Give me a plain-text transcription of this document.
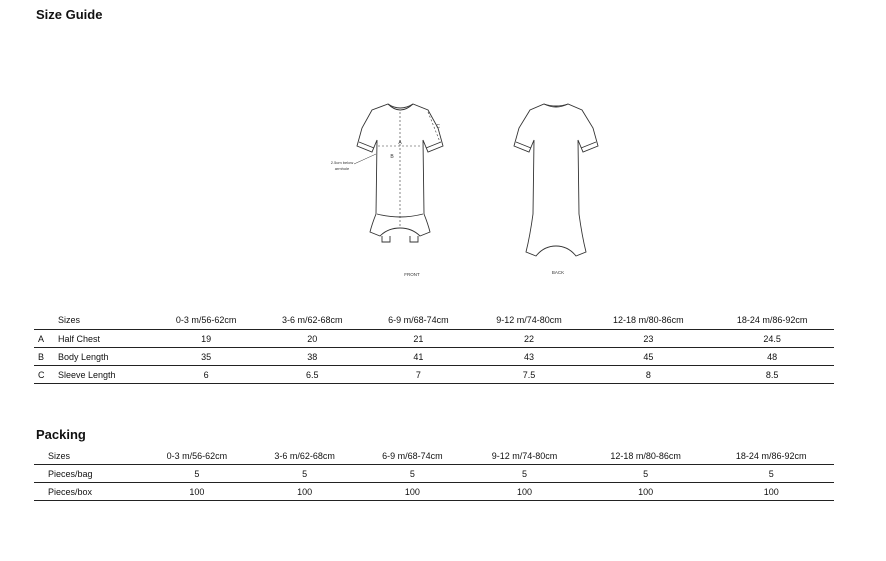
Size Guide
A
B
C
2.5cm below
armhole
FRONT	BACK
	Sizes	0-3 m/56-62cm	3-6 m/62-68cm	6-9 m/68-74cm	9-12 m/74-80cm	12-18 m/80-86cm	18-24 m/86-92cm
A	Half Chest	19	20	21	22	23	24.5
B	Body Length	35	38	41	43	45	48
C	Sleeve Length	6	6.5	7	7.5	8	8.5
Packing
Sizes	0-3 m/56-62cm	3-6 m/62-68cm	6-9 m/68-74cm	9-12 m/74-80cm	12-18 m/80-86cm	18-24 m/86-92cm
Pieces/bag	5	5	5	5	5	5
Pieces/box	100	100	100	100	100	100
